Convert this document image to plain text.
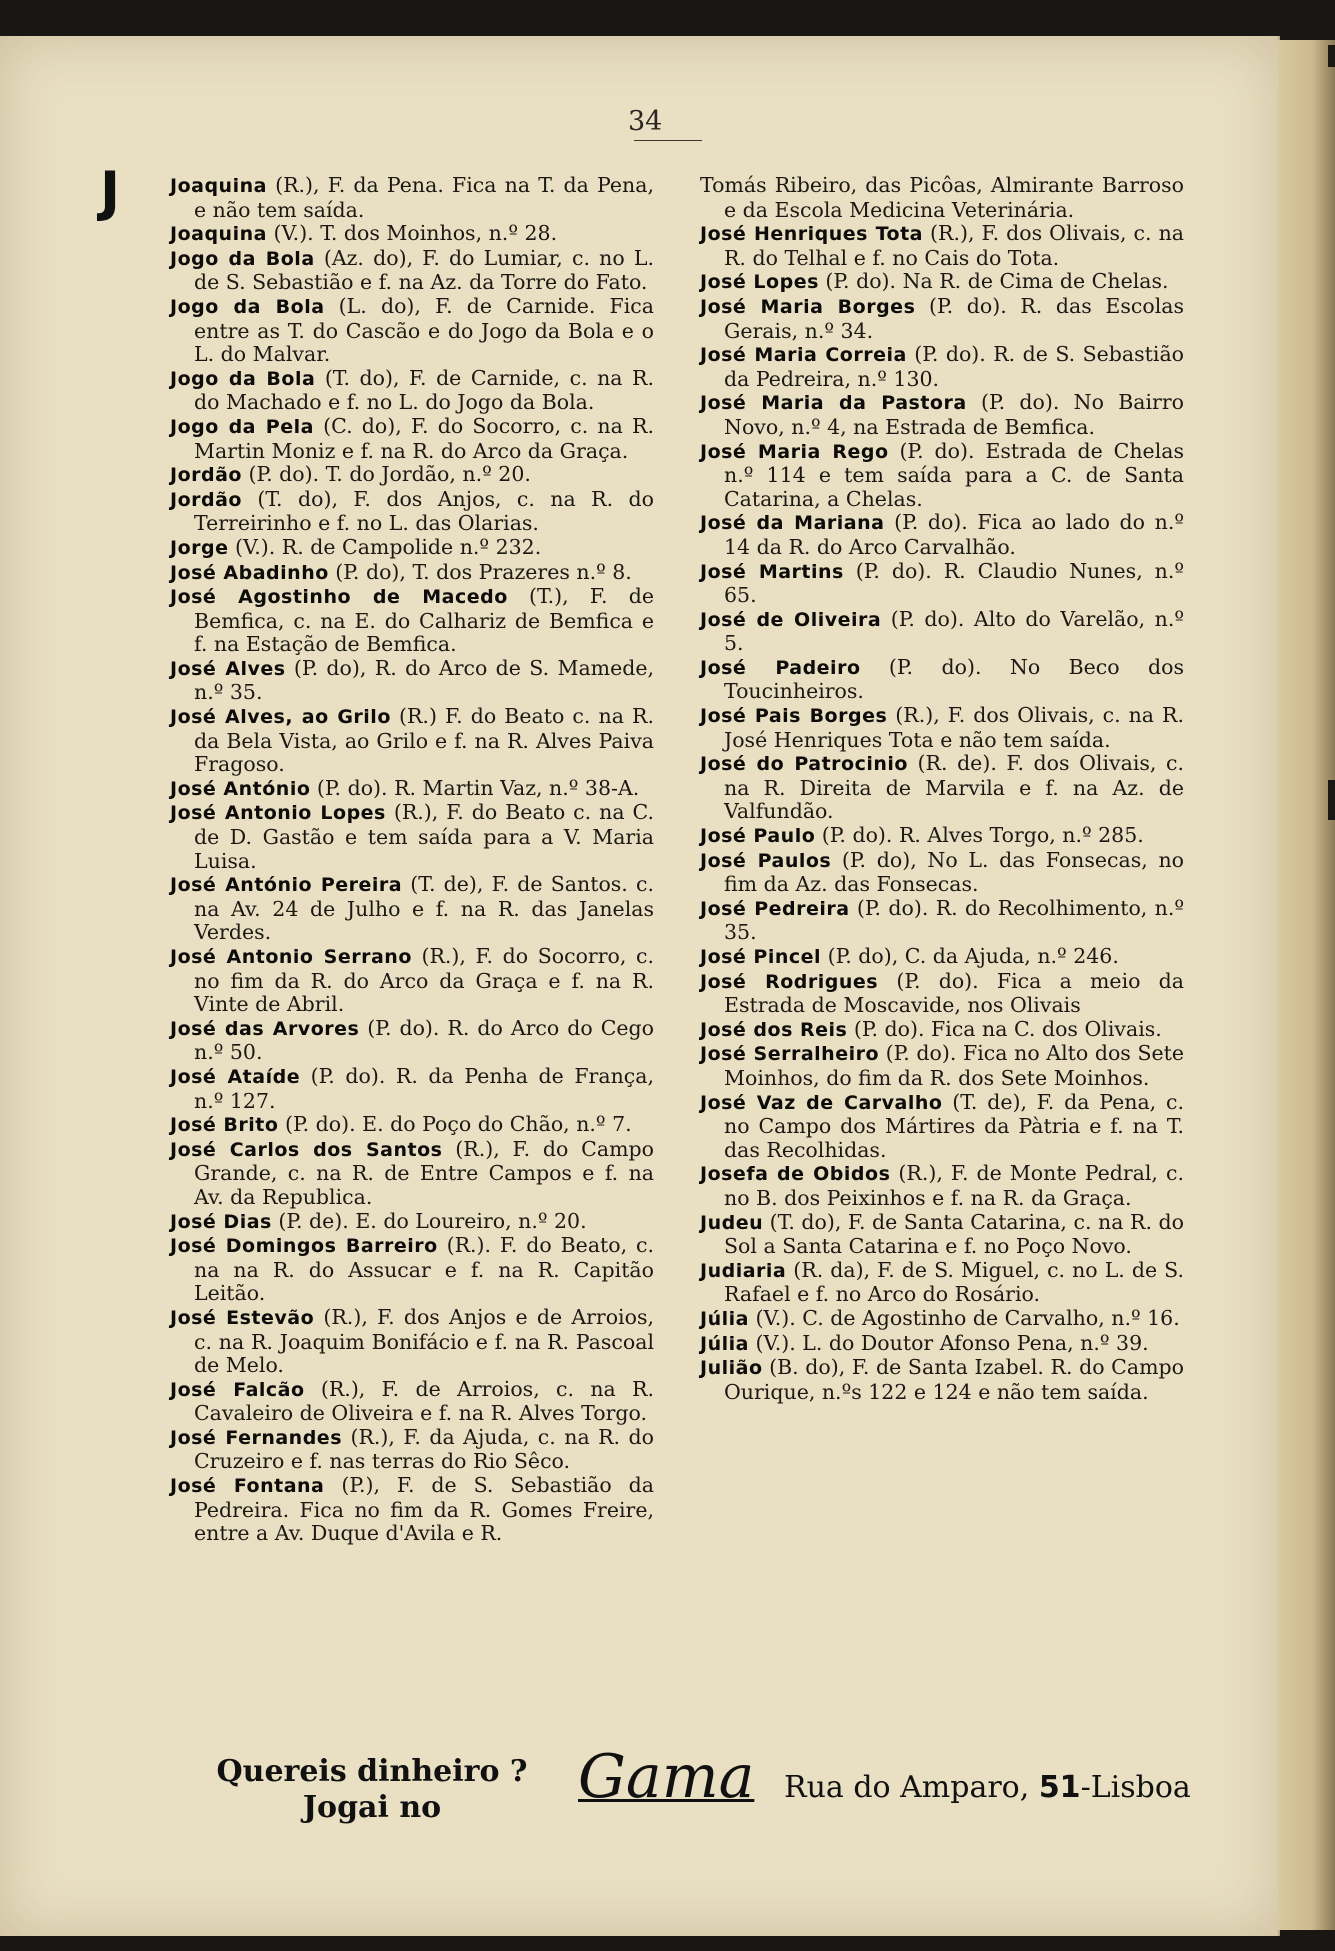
34
J	Joaquina (R.), F. da Pena. Fica na T. da Pena, e não tem saída.

Joaquina (V.). T. dos Moinhos, n.º 28.

Jogo da Bola (Az. do), F. do Lumiar, c. no L. de S. Sebastião e f. na Az. da Torre do Fato.

Jogo da Bola (L. do), F. de Carnide. Fica entre as T. do Cascão e do Jogo da Bola e o L. do Malvar.

Jogo da Bola (T. do), F. de Carnide, c. na R. do Machado e f. no L. do Jogo da Bola.

Jogo da Pela (C. do), F. do Socorro, c. na R. Martin Moniz e f. na R. do Arco da Graça.

Jordão (P. do). T. do Jordão, n.º 20.

Jordão (T. do), F. dos Anjos, c. na R. do Terreirinho e f. no L. das Olarias.

Jorge (V.). R. de Campolide n.º 232.

José Abadinho (P. do), T. dos Prazeres n.º 8.

José Agostinho de Macedo (T.), F. de Bemfica, c. na E. do Calhariz de Bemfica e f. na Estação de Bemfica.

José Alves (P. do), R. do Arco de S. Mamede, n.º 35.

José Alves, ao Grilo (R.) F. do Beato c. na R. da Bela Vista, ao Grilo e f. na R. Alves Paiva Fragoso.

José António (P. do). R. Martin Vaz, n.º 38-A.

José Antonio Lopes (R.), F. do Beato c. na C. de D. Gastão e tem saída para a V. Maria Luisa.

José António Pereira (T. de), F. de Santos. c. na Av. 24 de Julho e f. na R. das Janelas Verdes.

José Antonio Serrano (R.), F. do Socorro, c. no fim da R. do Arco da Graça e f. na R. Vinte de Abril.

José das Arvores (P. do). R. do Arco do Cego n.º 50.

José Ataíde (P. do). R. da Penha de França, n.º 127.

José Brito (P. do). E. do Poço do Chão, n.º 7.

José Carlos dos Santos (R.), F. do Campo Grande, c. na R. de Entre Campos e f. na Av. da Republica.

José Dias (P. de). E. do Loureiro, n.º 20.

José Domingos Barreiro (R.). F. do Beato, c. na na R. do Assucar e f. na R. Capitão Leitão.

José Estevão (R.), F. dos Anjos e de Arroios, c. na R. Joaquim Bonifácio e f. na R. Pascoal de Melo.

José Falcão (R.), F. de Arroios, c. na R. Cavaleiro de Oliveira e f. na R. Alves Torgo.

José Fernandes (R.), F. da Ajuda, c. na R. do Cruzeiro e f. nas terras do Rio Sêco.

José Fontana (P.), F. de S. Sebastião da Pedreira. Fica no fim da R. Gomes Freire, entre a Av. Duque d'Avila e R.

Tomás Ribeiro, das Picôas, Almirante Barroso e da Escola Medicina Veterinária.

José Henriques Tota (R.), F. dos Olivais, c. na R. do Telhal e f. no Cais do Tota.

José Lopes (P. do). Na R. de Cima de Chelas.

José Maria Borges (P. do). R. das Escolas Gerais, n.º 34.

José Maria Correia (P. do). R. de S. Sebastião da Pedreira, n.º 130.

José Maria da Pastora (P. do). No Bairro Novo, n.º 4, na Estrada de Bemfica.

José Maria Rego (P. do). Estrada de Chelas n.º 114 e tem saída para a C. de Santa Catarina, a Chelas.

José da Mariana (P. do). Fica ao lado do n.º 14 da R. do Arco Carvalhão.

José Martins (P. do). R. Claudio Nunes, n.º 65.

José de Oliveira (P. do). Alto do Varelão, n.º 5.

José Padeiro (P. do). No Beco dos Toucinheiros.

José Pais Borges (R.), F. dos Olivais, c. na R. José Henriques Tota e não tem saída.

José do Patrocinio (R. de). F. dos Olivais, c. na R. Direita de Marvila e f. na Az. de Valfundão.

José Paulo (P. do). R. Alves Torgo, n.º 285.

José Paulos (P. do), No L. das Fonsecas, no fim da Az. das Fonsecas.

José Pedreira (P. do). R. do Recolhimento, n.º 35.

José Pincel (P. do), C. da Ajuda, n.º 246.

José Rodrigues (P. do). Fica a meio da Estrada de Moscavide, nos Olivais

José dos Reis (P. do). Fica na C. dos Olivais.

José Serralheiro (P. do). Fica no Alto dos Sete Moinhos, do fim da R. dos Sete Moinhos.

José Vaz de Carvalho (T. de), F. da Pena, c. no Campo dos Mártires da Pàtria e f. na T. das Recolhidas.

Josefa de Obidos (R.), F. de Monte Pedral, c. no B. dos Peixinhos e f. na R. da Graça.

Judeu (T. do), F. de Santa Catarina, c. na R. do Sol a Santa Catarina e f. no Poço Novo.

Judiaria (R. da), F. de S. Miguel, c. no L. de S. Rafael e f. no Arco do Rosário.

Júlia (V.). C. de Agostinho de Carvalho, n.º 16.

Júlia (V.). L. do Doutor Afonso Pena, n.º 39.

Julião (B. do), F. de Santa Izabel. R. do Campo Ourique, n.ºs 122 e 124 e não tem saída.

Quereis dinheiro ?
Jogai no	Gama Rua do Amparo, 51-Lisboa
